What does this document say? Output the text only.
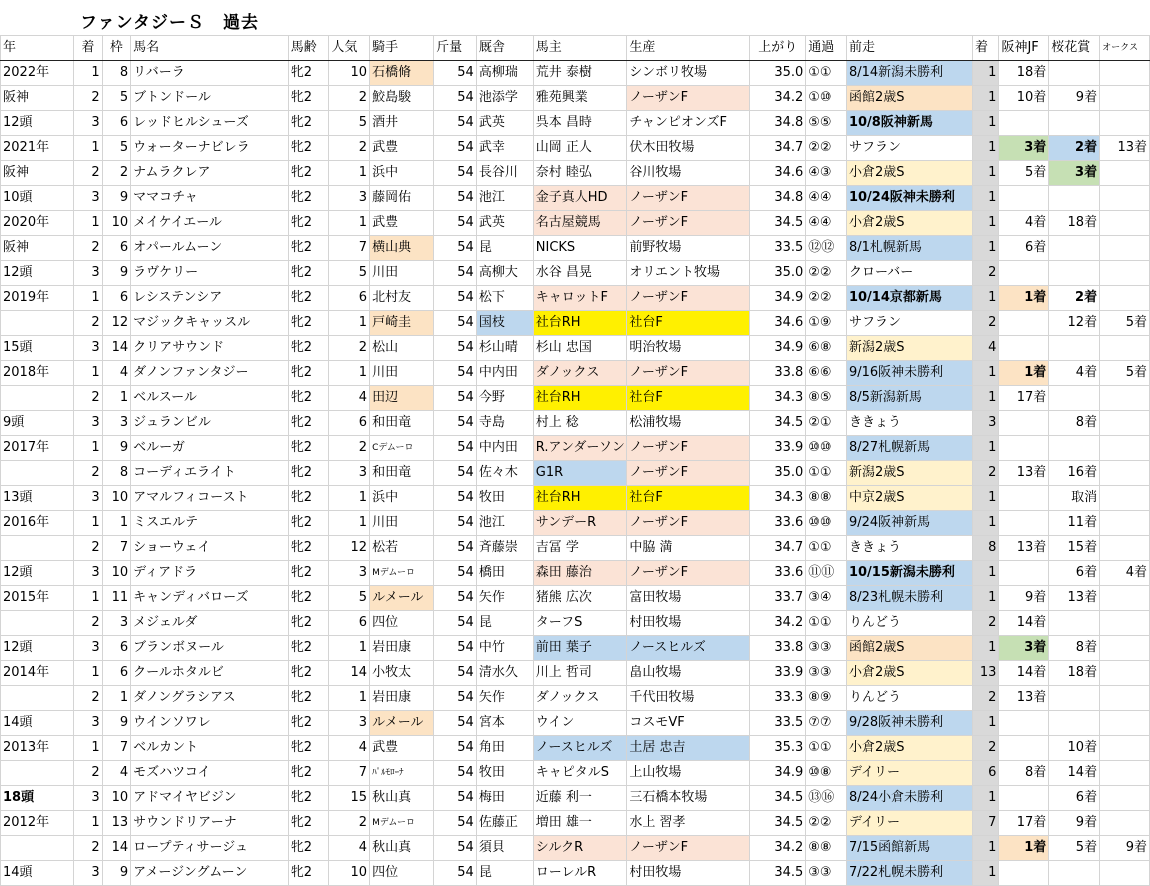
ファンタジーＳ　過去
年	着	枠	馬名	馬齢	人気	騎手	斤量	厩舎	馬主	生産	上がり	通過	前走	着	阪神JF	桜花賞	オークス
2022年	1	8	リバーラ	牝2	10	石橋脩	54	高柳瑞	荒井 泰樹	シンボリ牧場	35.0	①①	8/14新潟未勝利	1	18着		
阪神	2	5	ブトンドール	牝2	2	鮫島駿	54	池添学	雅苑興業	ノーザンF	34.2	①⑩	函館2歳S	1	10着	9着	
12頭	3	6	レッドヒルシューズ	牝2	5	酒井	54	武英	呉本 昌時	チャンピオンズF	34.8	⑤⑤	10/8阪神新馬	1			
2021年	1	5	ウォーターナビレラ	牝2	2	武豊	54	武幸	山岡 正人	伏木田牧場	34.7	②②	サフラン	1	3着	2着	13着
阪神	2	2	ナムラクレア	牝2	1	浜中	54	長谷川	奈村 睦弘	谷川牧場	34.6	④③	小倉2歳S	1	5着	3着	
10頭	3	9	ママコチャ	牝2	3	藤岡佑	54	池江	金子真人HD	ノーザンF	34.8	④④	10/24阪神未勝利	1			
2020年	1	10	メイケイエール	牝2	1	武豊	54	武英	名古屋競馬	ノーザンF	34.5	④④	小倉2歳S	1	4着	18着	
阪神	2	6	オパールムーン	牝2	7	横山典	54	昆	NICKS	前野牧場	33.5	⑫⑫	8/1札幌新馬	1	6着		
12頭	3	9	ラヴケリー	牝2	5	川田	54	高柳大	水谷 昌晃	オリエント牧場	35.0	②②	クローバー	2			
2019年	1	6	レシステンシア	牝2	6	北村友	54	松下	キャロットF	ノーザンF	34.9	②②	10/14京都新馬	1	1着	2着	
	2	12	マジックキャッスル	牝2	1	戸崎圭	54	国枝	社台RH	社台F	34.6	①⑨	サフラン	2		12着	5着
15頭	3	14	クリアサウンド	牝2	2	松山	54	杉山晴	杉山 忠国	明治牧場	34.9	⑥⑧	新潟2歳S	4			
2018年	1	4	ダノンファンタジー	牝2	1	川田	54	中内田	ダノックス	ノーザンF	33.8	⑥⑥	9/16阪神未勝利	1	1着	4着	5着
	2	1	ベルスール	牝2	4	田辺	54	今野	社台RH	社台F	34.3	⑧⑤	8/5新潟新馬	1	17着		
9頭	3	3	ジュランビル	牝2	6	和田竜	54	寺島	村上 稔	松浦牧場	34.5	②①	ききょう	3		8着	
2017年	1	9	ベルーガ	牝2	2	Cデムーロ	54	中内田	R.アンダーソン	ノーザンF	33.9	⑩⑩	8/27札幌新馬	1			
	2	8	コーディエライト	牝2	3	和田竜	54	佐々木	G1R	ノーザンF	35.0	①①	新潟2歳S	2	13着	16着	
13頭	3	10	アマルフィコースト	牝2	1	浜中	54	牧田	社台RH	社台F	34.3	⑧⑧	中京2歳S	1		取消	
2016年	1	1	ミスエルテ	牝2	1	川田	54	池江	サンデーR	ノーザンF	33.6	⑩⑩	9/24阪神新馬	1		11着	
	2	7	ショーウェイ	牝2	12	松若	54	斉藤崇	吉冨 学	中脇 満	34.7	①①	ききょう	8	13着	15着	
12頭	3	10	ディアドラ	牝2	3	Mデムーロ	54	橋田	森田 藤治	ノーザンF	33.6	⑪⑪	10/15新潟未勝利	1		6着	4着
2015年	1	11	キャンディバローズ	牝2	5	ルメール	54	矢作	猪熊 広次	富田牧場	33.7	③④	8/23札幌未勝利	1	9着	13着	
	2	3	メジェルダ	牝2	6	四位	54	昆	ターフS	村田牧場	34.2	①①	りんどう	2	14着		
12頭	3	6	ブランボヌール	牝2	1	岩田康	54	中竹	前田 葉子	ノースヒルズ	33.8	③③	函館2歳S	1	3着	8着	
2014年	1	6	クールホタルビ	牝2	14	小牧太	54	清水久	川上 哲司	畠山牧場	33.9	③③	小倉2歳S	13	14着	18着	
	2	1	ダノングラシアス	牝2	1	岩田康	54	矢作	ダノックス	千代田牧場	33.3	⑧⑨	りんどう	2	13着		
14頭	3	9	ウインソワレ	牝2	3	ルメール	54	宮本	ウイン	コスモVF	33.5	⑦⑦	9/28阪神未勝利	1			
2013年	1	7	ベルカント	牝2	4	武豊	54	角田	ノースヒルズ	土居 忠吉	35.3	①①	小倉2歳S	2		10着	
	2	4	モズハツコイ	牝2	7	ﾊﾟﾙﾓﾛｰﾅ	54	牧田	キャピタルS	上山牧場	34.9	⑩⑧	デイリー	6	8着	14着	
18頭	3	10	アドマイヤビジン	牝2	15	秋山真	54	梅田	近藤 利一	三石橋本牧場	34.5	⑬⑯	8/24小倉未勝利	1		6着	
2012年	1	13	サウンドリアーナ	牝2	2	Mデムーロ	54	佐藤正	増田 雄一	水上 習孝	34.5	②②	デイリー	7	17着	9着	
	2	14	ロープティサージュ	牝2	4	秋山真	54	須貝	シルクR	ノーザンF	34.2	⑧⑧	7/15函館新馬	1	1着	5着	9着
14頭	3	9	アメージングムーン	牝2	10	四位	54	昆	ローレルR	村田牧場	34.5	③③	7/22札幌未勝利	1			
